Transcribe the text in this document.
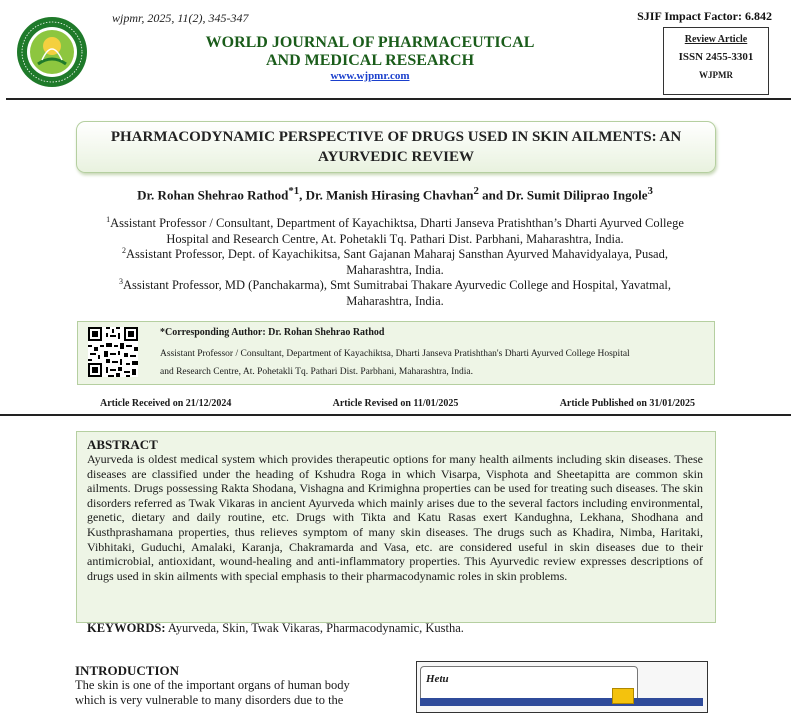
wjpmr, 2025, 11(2), 345-347
WORLD JOURNAL OF PHARMACEUTICAL
AND MEDICAL RESEARCH
www.wjpmr.com
SJIF Impact Factor: 6.842
Review Article
ISSN 2455-3301
WJPMR
PHARMACODYNAMIC PERSPECTIVE OF DRUGS USED IN SKIN AILMENTS: AN
AYURVEDIC REVIEW
Dr. Rohan Shehrao Rathod$^{*1}$, Dr. Manish Hirasing Chavhan$^2$ and Dr. Sumit Diliprao Ingole$^3$
$^1$Assistant Professor / Consultant, Department of Kayachiktsa, Dharti Janseva Pratishthan’s Dharti Ayurved College
Hospital and Research Centre, At. Pohetakli Tq. Pathari Dist. Parbhani, Maharashtra, India.
$^2$Assistant Professor, Dept. of Kayachikitsa, Sant Gajanan Maharaj Sansthan Ayurved Mahavidyalaya, Pusad,
Maharashtra, India.
$^3$Assistant Professor, MD (Panchakarma), Smt Sumitrabai Thakare Ayurvedic College and Hospital, Yavatmal,
Maharashtra, India.
*Corresponding Author: Dr. Rohan Shehrao Rathod
Assistant Professor / Consultant, Department of Kayachiktsa, Dharti Janseva Pratishthan's Dharti Ayurved College Hospital
and Research Centre, At. Pohetakli Tq. Pathari Dist. Parbhani, Maharashtra, India.
Article Received on 21/12/2024	Article Revised on 11/01/2025	Article Published on 31/01/2025
ABSTRACT
Ayurveda is oldest medical system which provides therapeutic options for many health ailments including skin diseases. These diseases are classified under the heading of Kshudra Roga in which Visarpa, Visphota and Sheetapitta are common skin ailments. Drugs possessing Rakta Shodana, Vishagna and Krimighna properties can be used for treating such diseases. The skin disorders referred as Twak Vikaras in ancient Ayurveda which mainly arises due to the several factors including environmental, genetic, dietary and daily routine, etc. Drugs with Tikta and Katu Rasas exert Kandughna, Lekhana, Shodhana and Kusthprashamana properties, thus relieves symptom of many skin diseases. The drugs such as Khadira, Nimba, Haritaki, Vibhitaki, Guduchi, Amalaki, Karanja, Chakramarda and Vasa, etc. are considered useful in skin diseases due to their antimicrobial, antioxidant, wound-healing and anti-inflammatory properties. This Ayurvedic review expresses descriptions of drugs used in skin ailments with special emphasis to their pharmacodynamic roles in skin problems.
KEYWORDS: Ayurveda, Skin, Twak Vikaras, Pharmacodynamic, Kustha.
INTRODUCTION
The skin is one of the important organs of human body
which is very vulnerable to many disorders due to the
Hetu
